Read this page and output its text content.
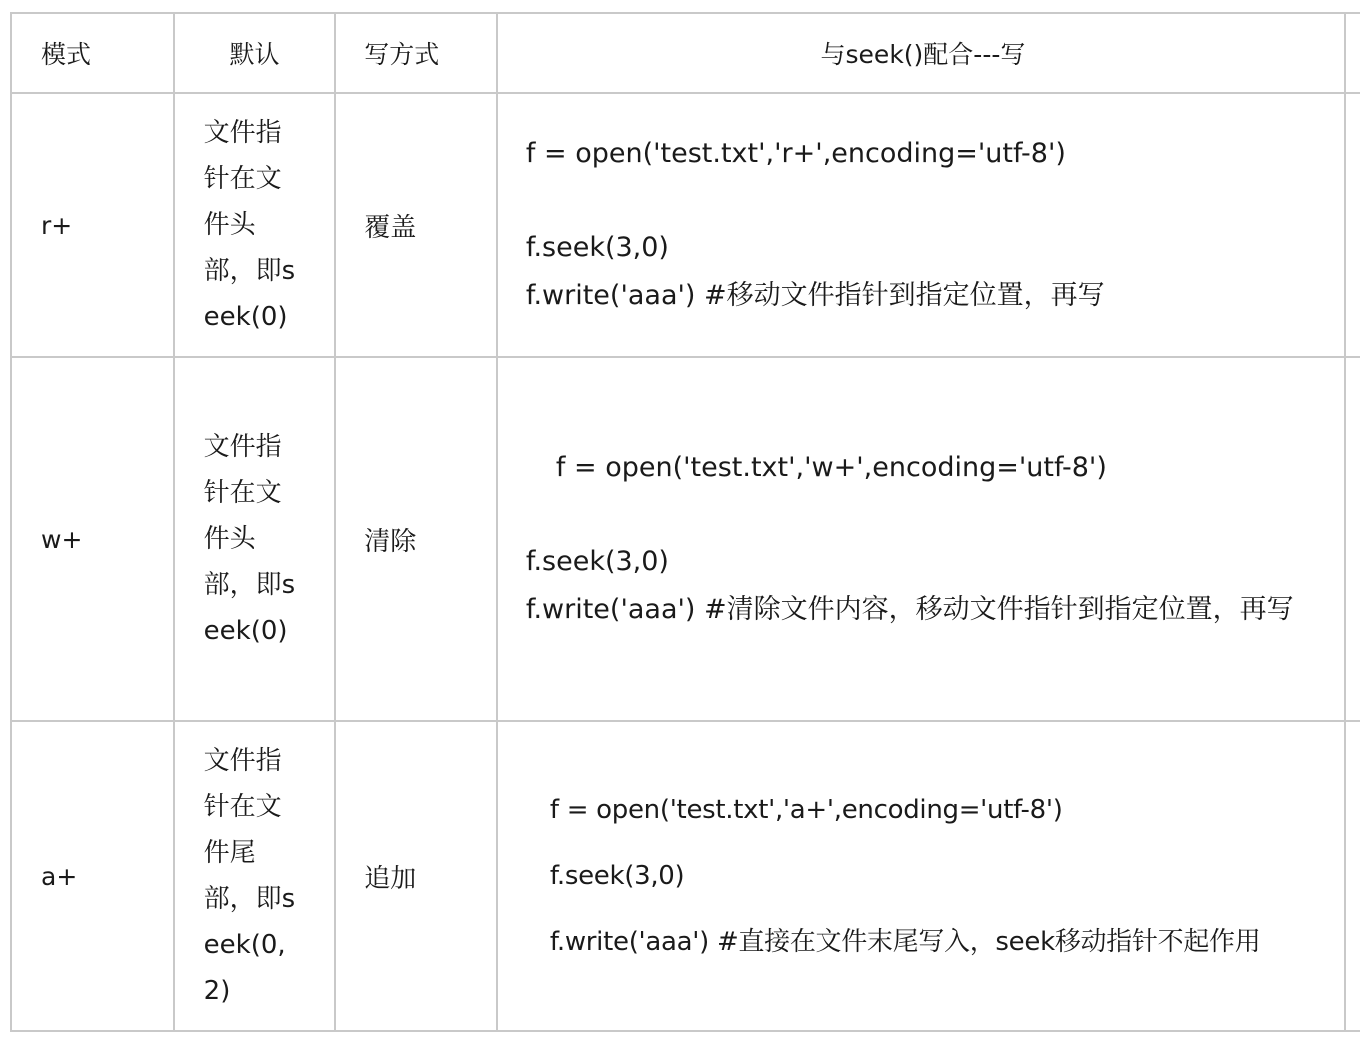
模式	默认	写方式	与seek()配合---写
r+	文件指针在文件头部，即seek(0)	覆盖	f = open('test.txt','r+',encoding='utf-8')

f.seek(3,0)

f.write('aaa') #移动文件指针到指定位置，再写

w+	文件指针在文件头部，即seek(0)	清除	f = open('test.txt','w+',encoding='utf-8')

f.seek(3,0)

f.write('aaa') #清除文件内容，移动文件指针到指定位置，再写

a+	文件指针在文件尾部，即seek(0,2)	追加	f = open('test.txt','a+',encoding='utf-8')

f.seek(3,0)

f.write('aaa') #直接在文件末尾写入，seek移动指针不起作用
